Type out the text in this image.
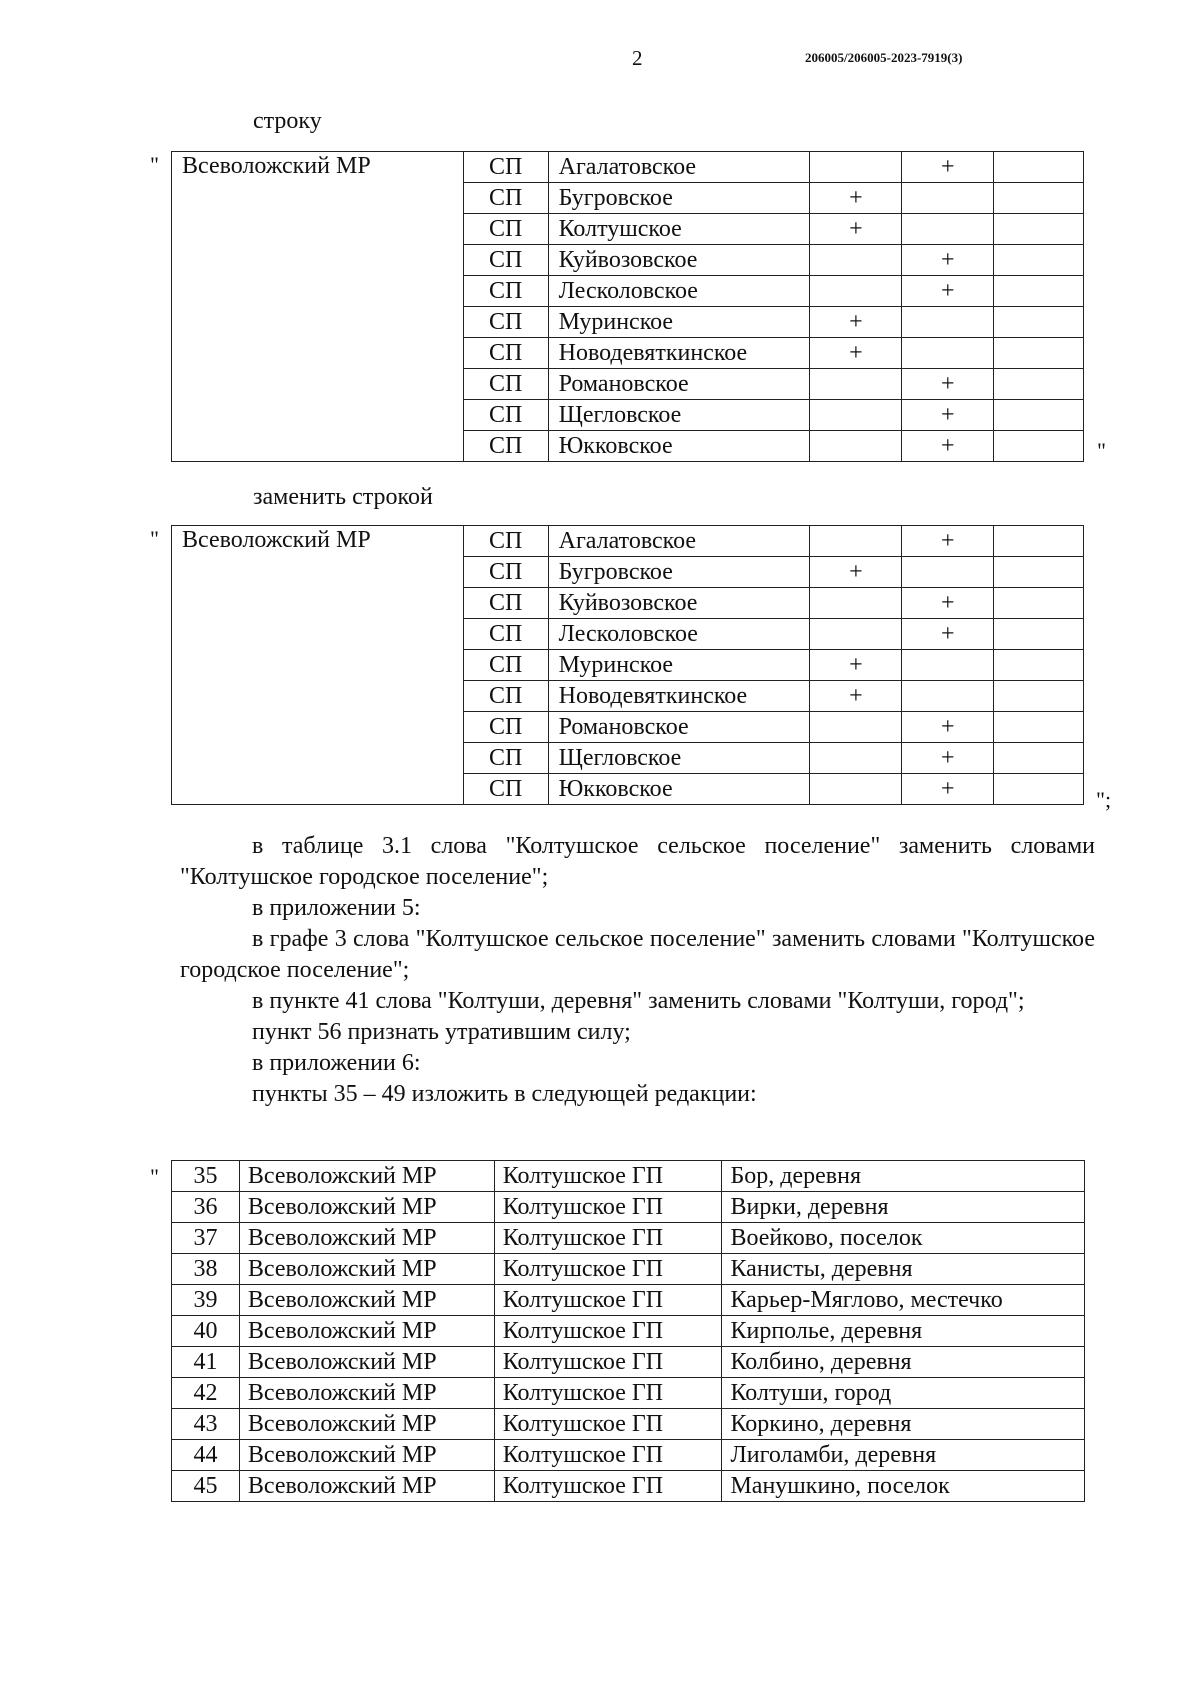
2	206005/206005-2023-7919(3)
строку
" Всеволожский МР	СП	Агалатовское		+	
	СП	Бугровское	+		
	СП	Колтушское	+		
	СП	Куйвозовское		+	
	СП	Лесколовское		+	
	СП	Муринское	+		
	СП	Новодевяткинское	+		
	СП	Романовское		+	
	СП	Щегловское		+	
	СП	Юкковское		+		"
заменить строкой
" Всеволожский МР	СП	Агалатовское		+	
	СП	Бугровское	+		
	СП	Куйвозовское		+	
	СП	Лесколовское		+	
	СП	Муринское	+		
	СП	Новодевяткинское	+		
	СП	Романовское		+	
	СП	Щегловское		+	
	СП	Юкковское		+		";

в таблице 3.1 слова "Колтушское сельское поселение" заменить словами "Колтушское городское поселение";

в приложении 5:

в графе 3 слова "Колтушское сельское поселение" заменить словами "Колтушское городское поселение";

в пункте 41 слова "Колтуши, деревня" заменить словами "Колтуши, город";

пункт 56 признать утратившим силу;

в приложении 6:

пункты 35 – 49 изложить в следующей редакции:

" 35	Всеволожский МР	Колтушское ГП	Бор, деревня
36	Всеволожский МР	Колтушское ГП	Вирки, деревня
37	Всеволожский МР	Колтушское ГП	Воейково, поселок
38	Всеволожский МР	Колтушское ГП	Канисты, деревня
39	Всеволожский МР	Колтушское ГП	Карьер-Мяглово, местечко
40	Всеволожский МР	Колтушское ГП	Кирполье, деревня
41	Всеволожский МР	Колтушское ГП	Колбино, деревня
42	Всеволожский МР	Колтушское ГП	Колтуши, город
43	Всеволожский МР	Колтушское ГП	Коркино, деревня
44	Всеволожский МР	Колтушское ГП	Лиголамби, деревня
45	Всеволожский МР	Колтушское ГП	Манушкино, поселок
